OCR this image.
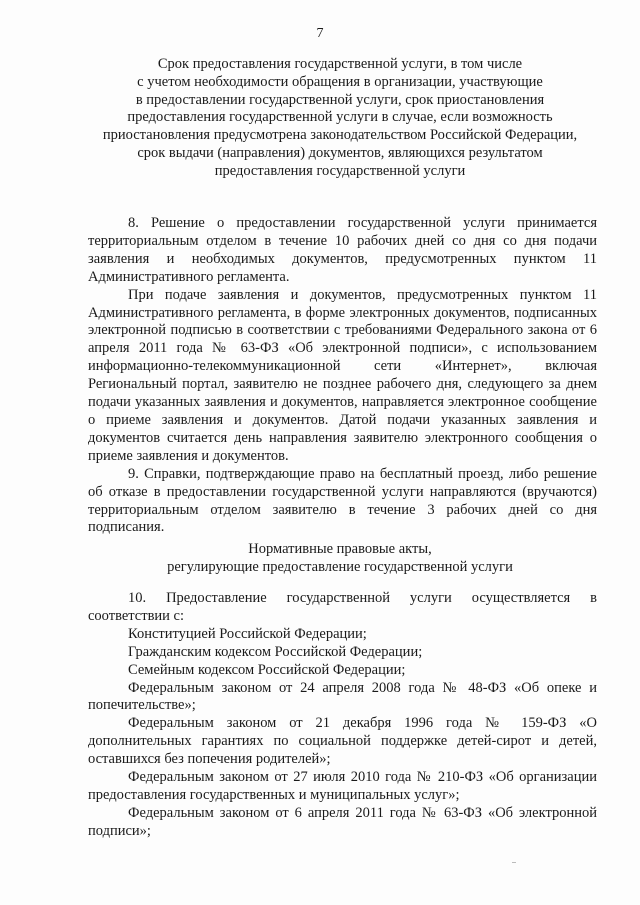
7
Срок предоставления государственной услуги, в том числе
с учетом необходимости обращения в организации, участвующие
в предоставлении государственной услуги, срок приостановления
предоставления государственной услуги в случае, если возможность
приостановления предусмотрена законодательством Российской Федерации,
срок выдачи (направления) документов, являющихся результатом
предоставления государственной услуги

8. Решение о предоставлении государственной услуги принимается территориальным отделом в течение 10 рабочих дней со дня со дня подачи заявления и необходимых документов, предусмотренных пунктом 11 Административного регламента.

При подаче заявления и документов, предусмотренных пунктом 11 Административного регламента, в форме электронных документов, подписанных электронной подписью в соответствии с требованиями Федерального закона от 6 апреля 2011 года № 63-ФЗ «Об электронной подписи», с использованием информационно-телекоммуникационной сети «Интернет», включая Региональный портал, заявителю не позднее рабочего дня, следующего за днем подачи указанных заявления и документов, направляется электронное сообщение о приеме заявления и документов. Датой подачи указанных заявления и документов считается день направления заявителю электронного сообщения о приеме заявления и документов.

9. Справки, подтверждающие право на бесплатный проезд, либо решение об отказе в предоставлении государственной услуги направляются (вручаются) территориальным отделом заявителю в течение 3 рабочих дней со дня подписания.

Нормативные правовые акты,
регулирующие предоставление государственной услуги

10. Предоставление государственной услуги осуществляется в соответствии с:

Конституцией Российской Федерации;

Гражданским кодексом Российской Федерации;

Семейным кодексом Российской Федерации;

Федеральным законом от 24 апреля 2008 года № 48-ФЗ «Об опеке и попечительстве»;

Федеральным законом от 21 декабря 1996 года № 159-ФЗ «О дополнительных гарантиях по социальной поддержке детей-сирот и детей, оставшихся без попечения родителей»;

Федеральным законом от 27 июля 2010 года № 210-ФЗ «Об организации предоставления государственных и муниципальных услуг»;

Федеральным законом от 6 апреля 2011 года № 63-ФЗ «Об электронной подписи»;
